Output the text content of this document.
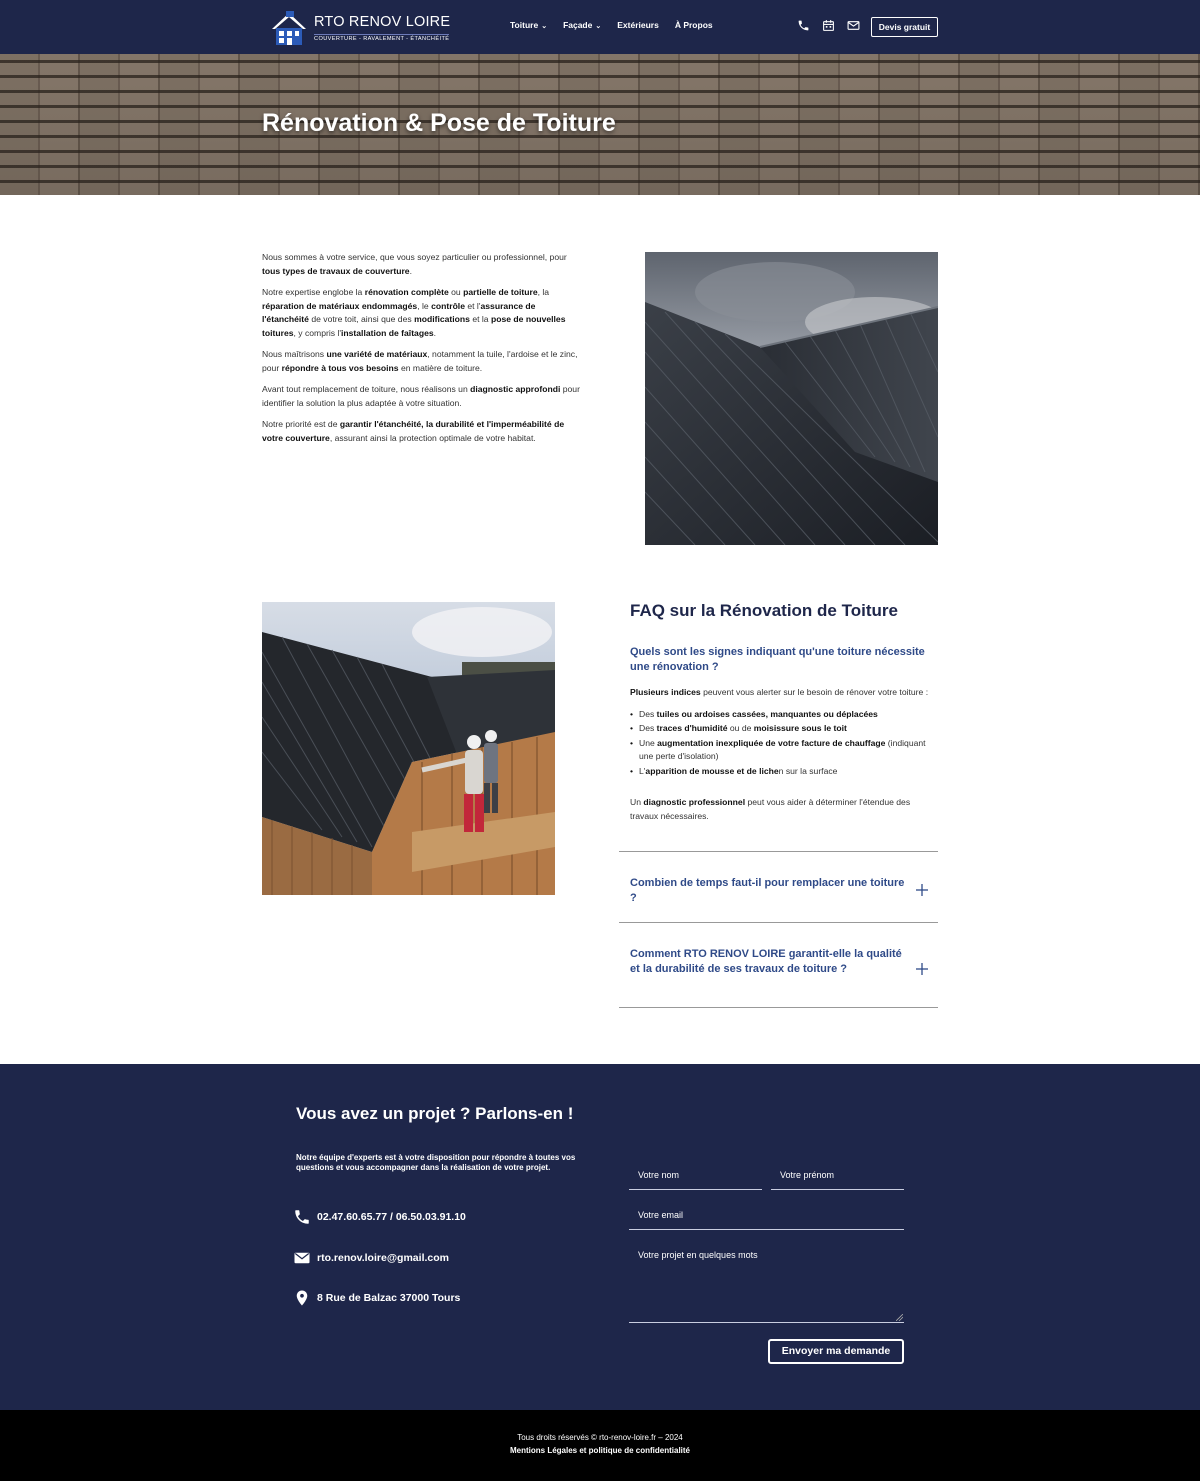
RTO RENOV LOIRE
COUVERTURE - RAVALEMENT - ÉTANCHÉITÉ
Toiture ⌄ Façade ⌄ Extérieurs À Propos	Devis gratuit
Rénovation & Pose de Toiture

Nous sommes à votre service, que vous soyez particulier ou professionnel, pour tous types de travaux de couverture.

Notre expertise englobe la rénovation complète ou partielle de toiture, la réparation de matériaux endommagés, le contrôle et l'assurance de l'étanchéité de votre toit, ainsi que des modifications et la pose de nouvelles toitures, y compris l'installation de faîtages.

Nous maîtrisons une variété de matériaux, notamment la tuile, l'ardoise et le zinc, pour répondre à tous vos besoins en matière de toiture.

Avant tout remplacement de toiture, nous réalisons un diagnostic approfondi pour identifier la solution la plus adaptée à votre situation.

Notre priorité est de garantir l'étanchéité, la durabilité et l'imperméabilité de votre couverture, assurant ainsi la protection optimale de votre habitat.

FAQ sur la Rénovation de Toiture
Quels sont les signes indiquant qu'une toiture nécessite une rénovation ?

Plusieurs indices peuvent vous alerter sur le besoin de rénover votre toiture :

• Des tuiles ou ardoises cassées, manquantes ou déplacées
• Des traces d'humidité ou de moisissure sous le toit
• Une augmentation inexpliquée de votre facture de chauffage (indiquant une perte d'isolation)
• L'apparition de mousse et de lichen sur la surface

Un diagnostic professionnel peut vous aider à déterminer l'étendue des travaux nécessaires.

Combien de temps faut-il pour remplacer une toiture ?
Comment RTO RENOV LOIRE garantit-elle la qualité et la durabilité de ses travaux de toiture ?
Vous avez un projet ? Parlons-en !

Notre équipe d'experts est à votre disposition pour répondre à toutes vos questions et vous accompagner dans la réalisation de votre projet.

02.47.60.65.77 / 06.50.03.91.10
rto.renov.loire@gmail.com
8 Rue de Balzac 37000 Tours
Votre nom	Votre prénom
Votre email
Votre projet en quelques mots
Envoyer ma demande
Tous droits réservés © rto-renov-loire.fr – 2024
Mentions Légales et politique de confidentialité
